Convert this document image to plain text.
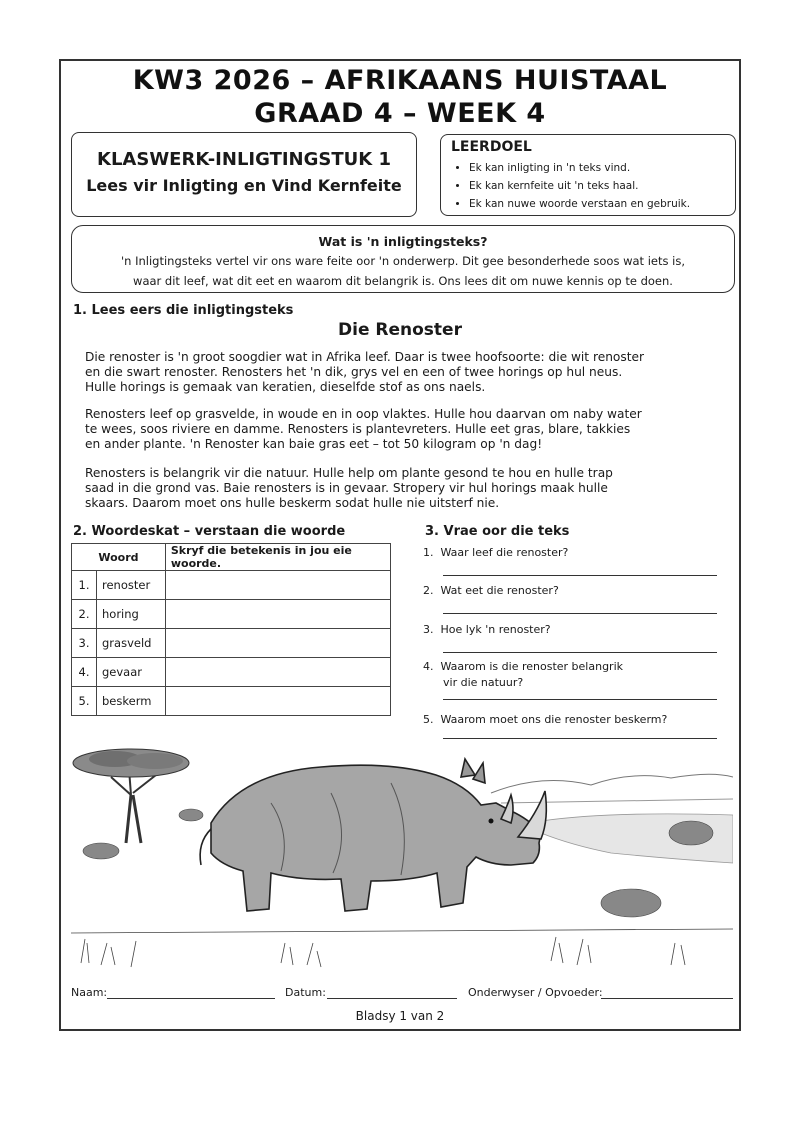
KW3 2026 – AFRIKAANS HUISTAAL
GRAAD 4 – WEEK 4
KLASWERK-INLIGTINGSTUK 1
Lees vir Inligting en Vind Kernfeite
LEERDOEL
• Ek kan inligting in 'n teks vind.
• Ek kan kernfeite uit 'n teks haal.
• Ek kan nuwe woorde verstaan en gebruik.
Wat is 'n inligtingsteks?
'n Inligtingsteks vertel vir ons ware feite oor 'n onderwerp. Dit gee besonderhede soos wat iets is,
waar dit leef, wat dit eet en waarom dit belangrik is. Ons lees dit om nuwe kennis op te doen.
1. Lees eers die inligtingsteks
Die Renoster
Die renoster is 'n groot soogdier wat in Afrika leef. Daar is twee hoofsoorte: die wit renoster
en die swart renoster. Renosters het 'n dik, grys vel en een of twee horings op hul neus.
Hulle horings is gemaak van keratien, dieselfde stof as ons naels.
Renosters leef op grasvelde, in woude en in oop vlaktes. Hulle hou daarvan om naby water
te wees, soos riviere en damme. Renosters is plantevreters. Hulle eet gras, blare, takkies
en ander plante. 'n Renoster kan baie gras eet – tot 50 kilogram op 'n dag!
Renosters is belangrik vir die natuur. Hulle help om plante gesond te hou en hulle trap
saad in die grond vas. Baie renosters is in gevaar. Stropery vir hul horings maak hulle
skaars. Daarom moet ons hulle beskerm sodat hulle nie uitsterf nie.
2. Woordeskat – verstaan die woorde
Woord		Skryf die betekenis in jou eie woorde.
1.	renoster	
2.	horing	
3.	grasveld	
4.	gevaar	
5.	beskerm	
3. Vrae oor die teks
1. Waar leef die renoster?
2. Wat eet die renoster?
3. Hoe lyk 'n renoster?
4. Waarom is die renoster belangrik
vir die natuur?
5. Waarom moet ons die renoster beskerm?
Naam:	Datum:	Onderwyser / Opvoeder:
Bladsy 1 van 2
